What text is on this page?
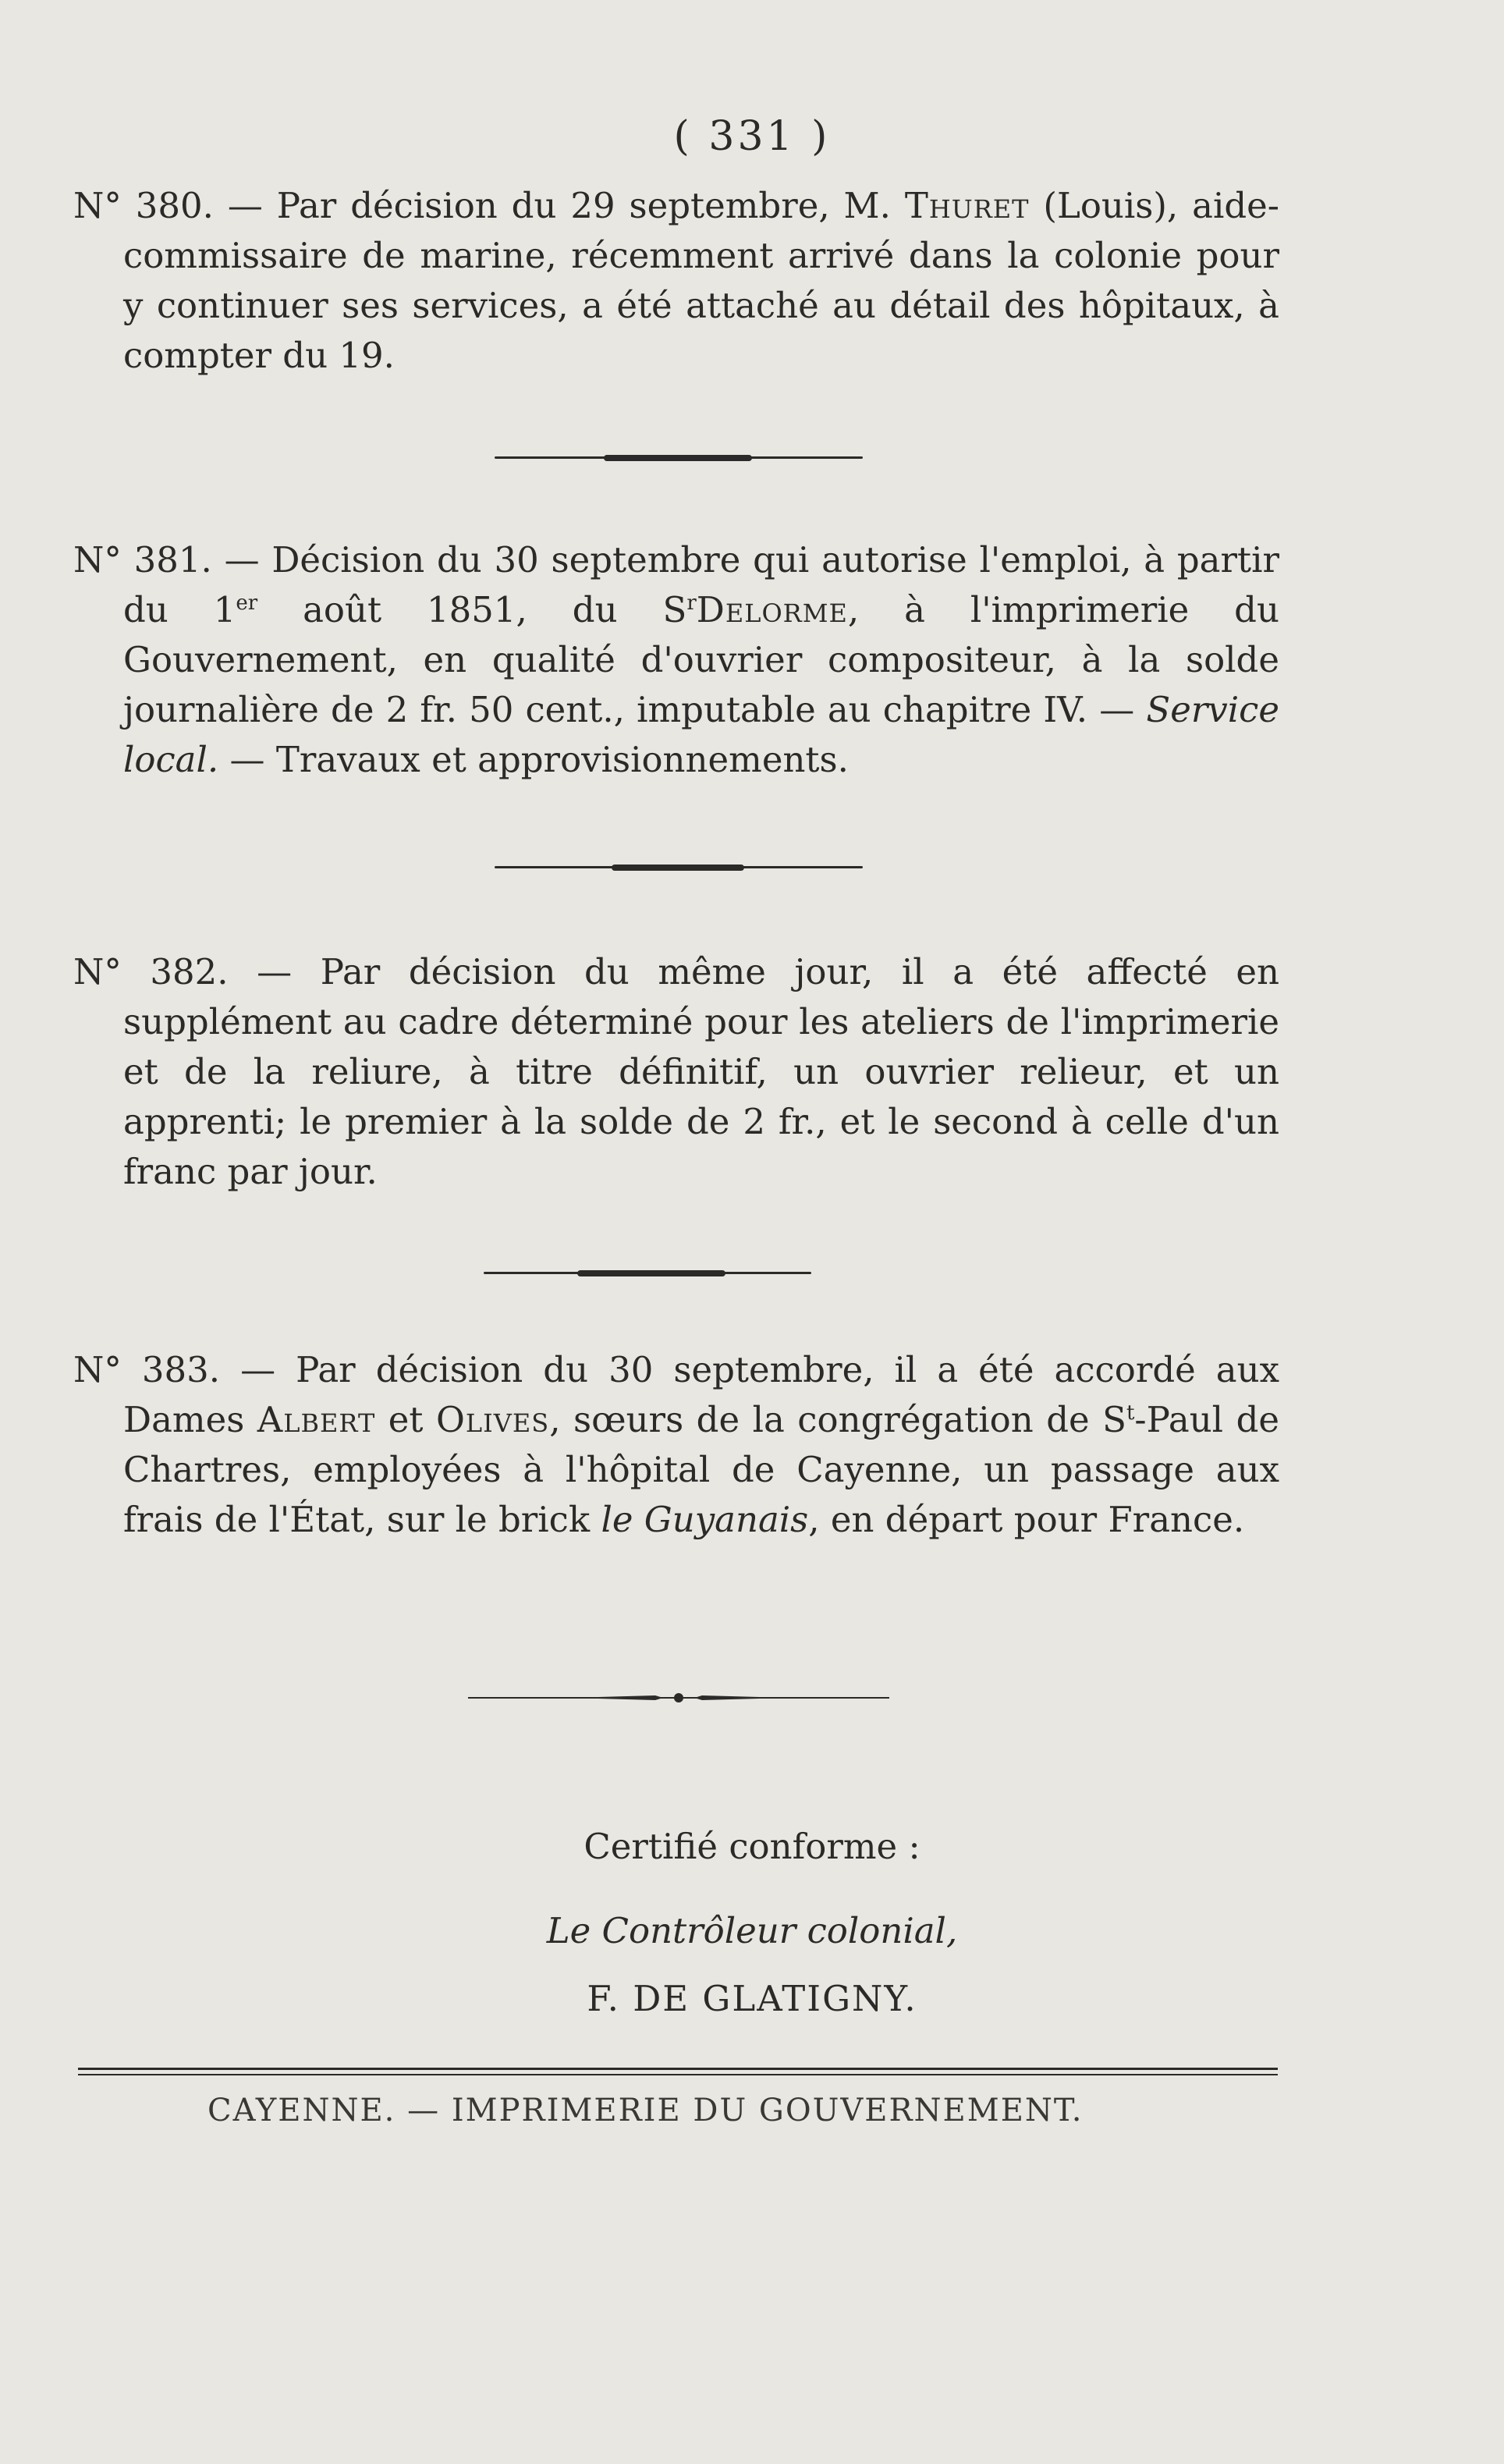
( 331 )
N° 380. — Par décision du 29 septembre, M. Thuret (Louis), aide-commissaire de marine, récemment arrivé dans la colonie pour y continuer ses services, a été attaché au détail des hôpitaux, à compter du 19.
N° 381. — Décision du 30 septembre qui autorise l'emploi, à partir du 1er août 1851, du $S^rDelorme$, à l'imprimerie du Gouvernement, en qualité d'ouvrier compositeur, à la solde journalière de 2 fr. 50 cent., imputable au chapitre IV. — Service local. — Travaux et approvisionnements.
N° 382. — Par décision du même jour, il a été affecté en supplément au cadre déterminé pour les ateliers de l'imprimerie et de la reliure, à titre définitif, un ouvrier relieur, et un apprenti; le premier à la solde de 2 fr., et le second à celle d'un franc par jour.
N° 383. — Par décision du 30 septembre, il a été accordé aux Dames Albert et Olives, sœurs de la congrégation de $S^t$-Paul de Chartres, employées à l'hôpital de Cayenne, un passage aux frais de l'État, sur le brick le Guyanais, en départ pour France.
Certifié conforme :
Le Contrôleur colonial,
F. DE GLATIGNY.
CAYENNE. — IMPRIMERIE DU GOUVERNEMENT.
